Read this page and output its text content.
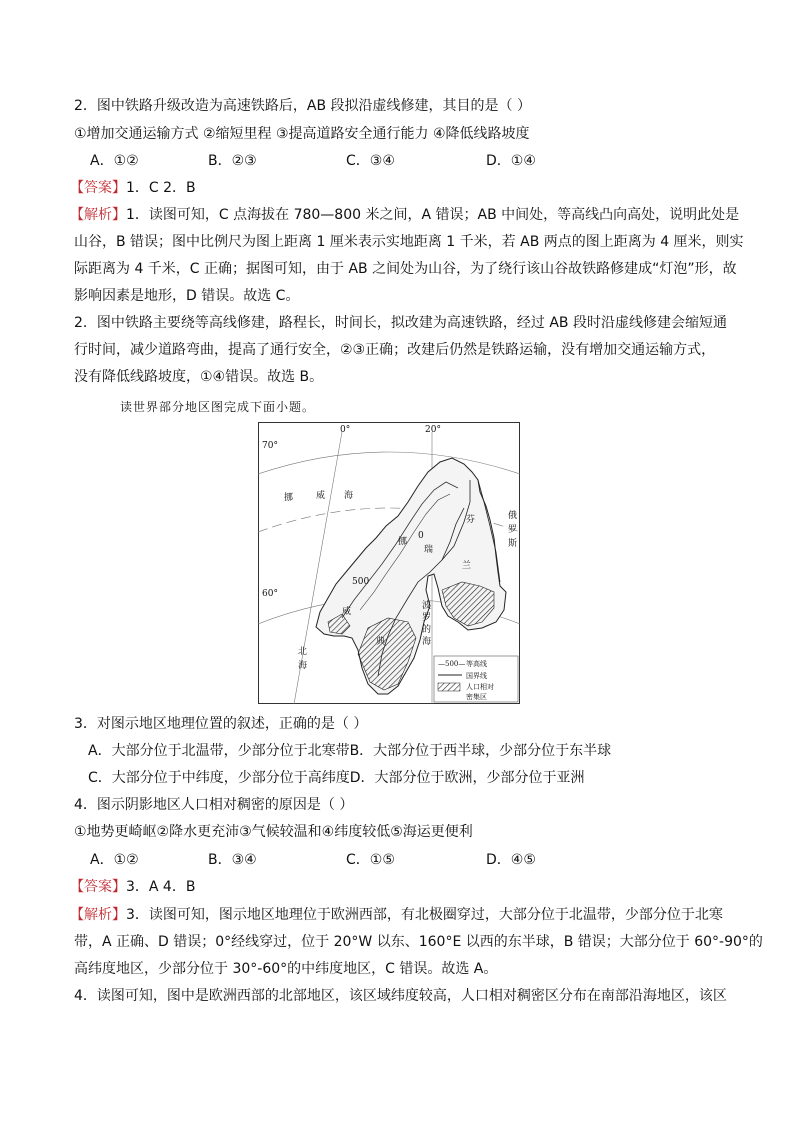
2．图中铁路升级改造为高速铁路后，AB 段拟沿虚线修建，其目的是（ ）
①增加交通运输方式 ②缩短里程 ③提高道路安全通行能力 ④降低线路坡度
A．①②	B．②③	C．③④	D．①④
【答案】1．C 2．B
【解析】1．读图可知，C 点海拔在 780—800 米之间，A 错误；AB 中间处，等高线凸向高处，说明此处是
山谷，B 错误；图中比例尺为图上距离 1 厘米表示实地距离 1 千米，若 AB 两点的图上距离为 4 厘米，则实
际距离为 4 千米，C 正确；据图可知，由于 AB 之间处为山谷，为了绕行该山谷故铁路修建成“灯泡”形，故
影响因素是地形，D 错误。故选 C。
2．图中铁路主要绕等高线修建，路程长，时间长，拟改建为高速铁路，经过 AB 段时沿虚线修建会缩短通
行时间，减少道路弯曲，提高了通行安全，②③正确；改建后仍然是铁路运输，没有增加交通运输方式，
没有降低线路坡度，①④错误。故选 B。
读世界部分地区图完成下面小题。
0°	20°
70°
60°
挪	威 海
挪
威
瑞
典
芬
兰
俄
罗
斯
北
海
波
罗
的
海
0
500
—500— 等高线
国界线
人口相对
密集区
3．对图示地区地理位置的叙述，正确的是（ ）
A．大部分位于北温带，少部分位于北寒带B．大部分位于西半球，少部分位于东半球
C．大部分位于中纬度，少部分位于高纬度D．大部分位于欧洲，少部分位于亚洲
4．图示阴影地区人口相对稠密的原因是（ ）
①地势更崎岖②降水更充沛③气候较温和④纬度较低⑤海运更便利
A．①②	B．③④	C．①⑤	D．④⑤
【答案】3．A 4．B
【解析】3．读图可知，图示地区地理位于欧洲西部，有北极圈穿过，大部分位于北温带，少部分位于北寒
带，A 正确、D 错误；0°经线穿过，位于 20°W 以东、160°E 以西的东半球，B 错误；大部分位于 60°-90°的
高纬度地区，少部分位于 30°-60°的中纬度地区，C 错误。故选 A。
4．读图可知，图中是欧洲西部的北部地区，该区域纬度较高，人口相对稠密区分布在南部沿海地区，该区
